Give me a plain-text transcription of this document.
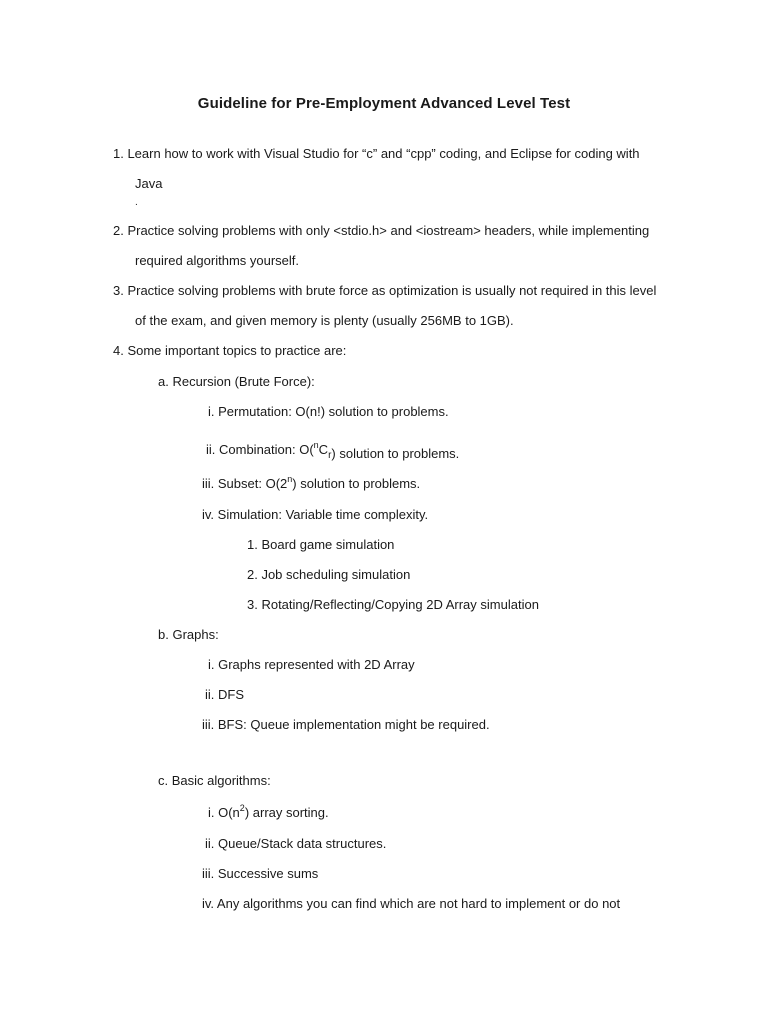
Guideline for Pre-Employment Advanced Level Test
1. Learn how to work with Visual Studio for “c” and “cpp” coding, and Eclipse for coding with
Java
.
2. Practice solving problems with only <stdio.h> and <iostream> headers, while implementing
required algorithms yourself.
3. Practice solving problems with brute force as optimization is usually not required in this level
of the exam, and given memory is plenty (usually 256MB to 1GB).
4. Some important topics to practice are:
a. Recursion (Brute Force):
i. Permutation: O(n!) solution to problems.
ii. Combination: $O(^nC_r)$ solution to problems.
iii. Subset: O(2$^n$) solution to problems.
iv. Simulation: Variable time complexity.
1. Board game simulation
2. Job scheduling simulation
3. Rotating/Reflecting/Copying 2D Array simulation
b. Graphs:
i. Graphs represented with 2D Array
ii. DFS
iii. BFS: Queue implementation might be required.
c. Basic algorithms:
i. $O(n^2)$ array sorting.
ii. Queue/Stack data structures.
iii. Successive sums
iv. Any algorithms you can find which are not hard to implement or do not
